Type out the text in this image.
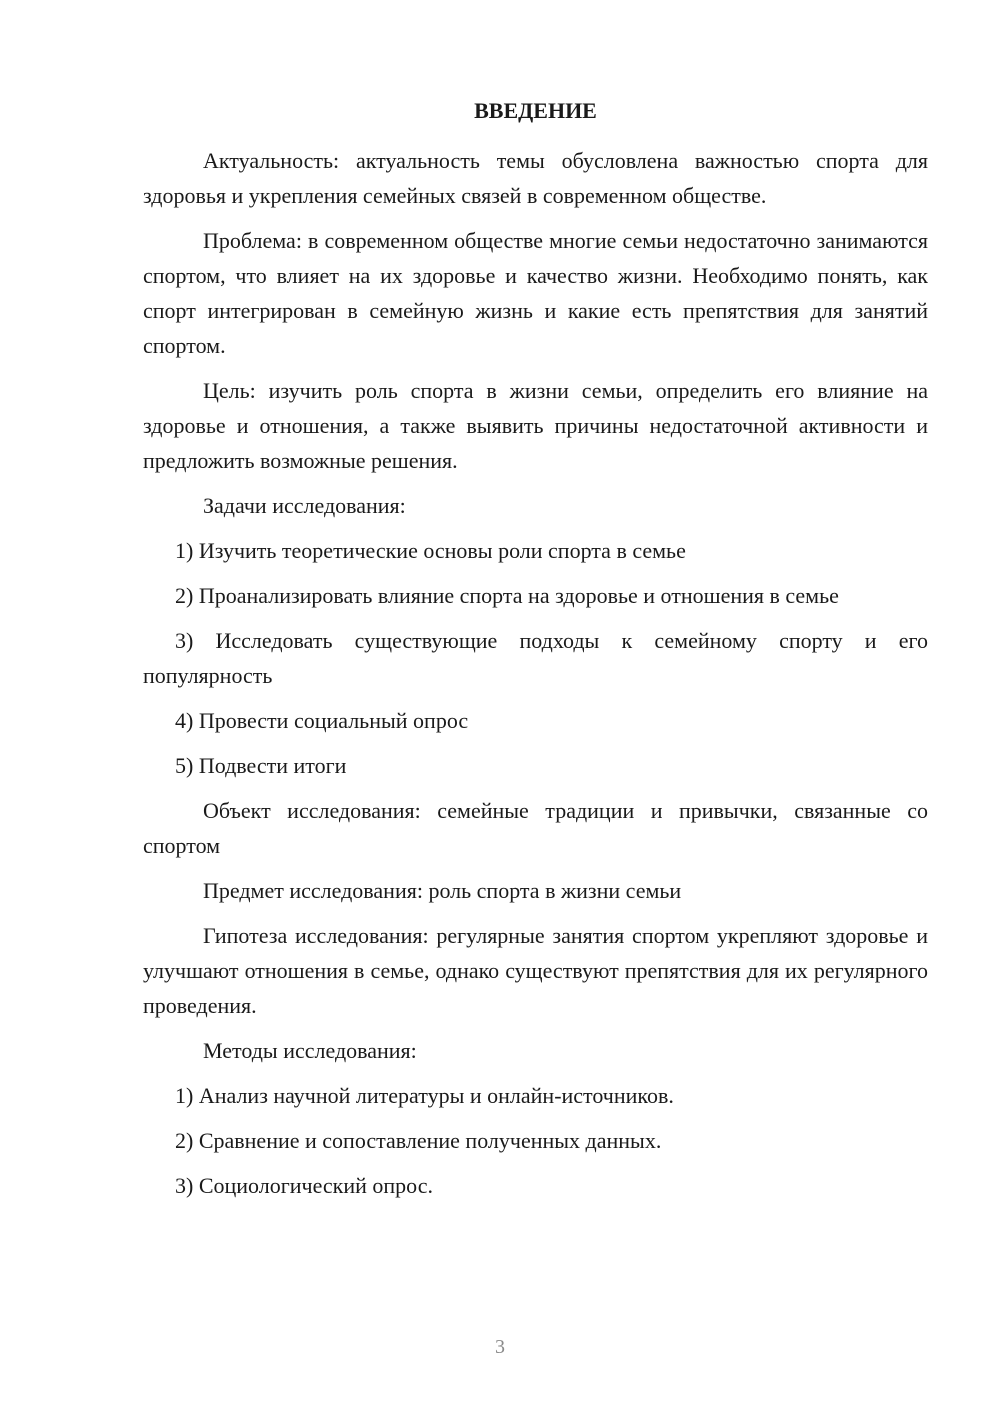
ВВЕДЕНИЕ

Актуальность: актуальность темы обусловлена важностью спорта для здоровья и укрепления семейных связей в современном обществе.

Проблема: в современном обществе многие семьи недостаточно занимаются спортом, что влияет на их здоровье и качество жизни. Необходимо понять, как спорт интегрирован в семейную жизнь и какие есть препятствия для занятий спортом.

Цель: изучить роль спорта в жизни семьи, определить его влияние на здоровье и отношения, а также выявить причины недостаточной активности и предложить возможные решения.

Задачи исследования:

1) Изучить теоретические основы роли спорта в семье

2) Проанализировать влияние спорта на здоровье и отношения в семье

3) Исследовать существующие подходы к семейному спорту и его популярность

4) Провести социальный опрос

5) Подвести итоги

Объект исследования: семейные традиции и привычки, связанные со спортом

Предмет исследования: роль спорта в жизни семьи

Гипотеза исследования: регулярные занятия спортом укрепляют здоровье и улучшают отношения в семье, однако существуют препятствия для их регулярного проведения.

Методы исследования:

1) Анализ научной литературы и онлайн-источников.

2) Сравнение и сопоставление полученных данных.

3) Социологический опрос.

3
